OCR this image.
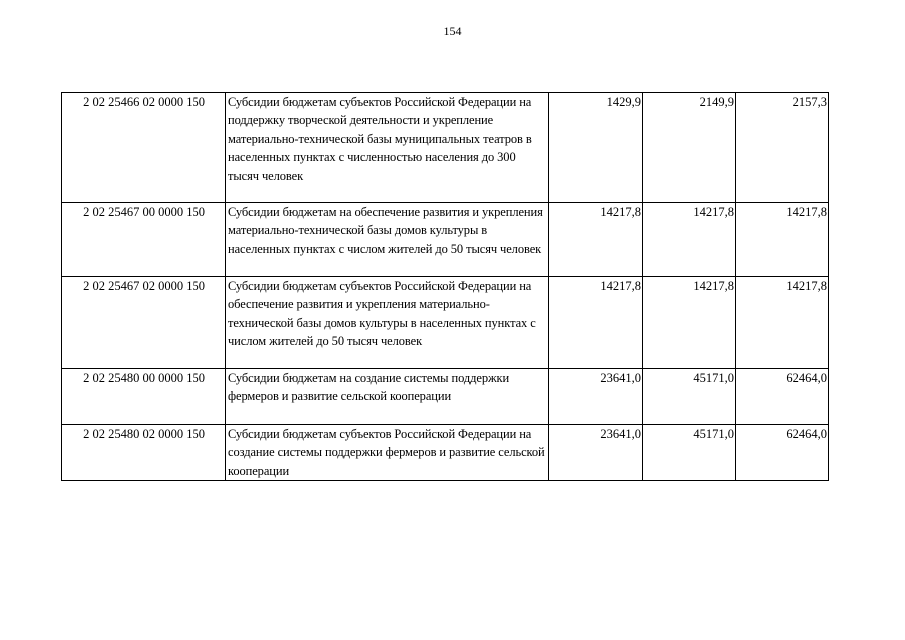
154
2 02 25466 02 0000 150	Субсидии бюджетам субъектов Российской Федерации на поддержку творческой деятельности и укрепление материально-технической базы муниципальных театров в населенных пунктах с численностью населения до 300 тысяч человек	1429,9	2149,9	2157,3
2 02 25467 00 0000 150	Субсидии бюджетам на обеспечение развития и укрепления материально-технической базы домов культуры в населенных пунктах с числом жителей до 50 тысяч человек	14217,8	14217,8	14217,8
2 02 25467 02 0000 150	Субсидии бюджетам субъектов Российской Федерации на обеспечение развития и укрепления материально-технической базы домов культуры в населенных пунктах с числом жителей до 50 тысяч человек	14217,8	14217,8	14217,8
2 02 25480 00 0000 150	Субсидии бюджетам на создание системы поддержки фермеров и развитие сельской кооперации	23641,0	45171,0	62464,0
2 02 25480 02 0000 150	Субсидии бюджетам субъектов Российской Федерации на создание системы поддержки фермеров и развитие сельской кооперации	23641,0	45171,0	62464,0
